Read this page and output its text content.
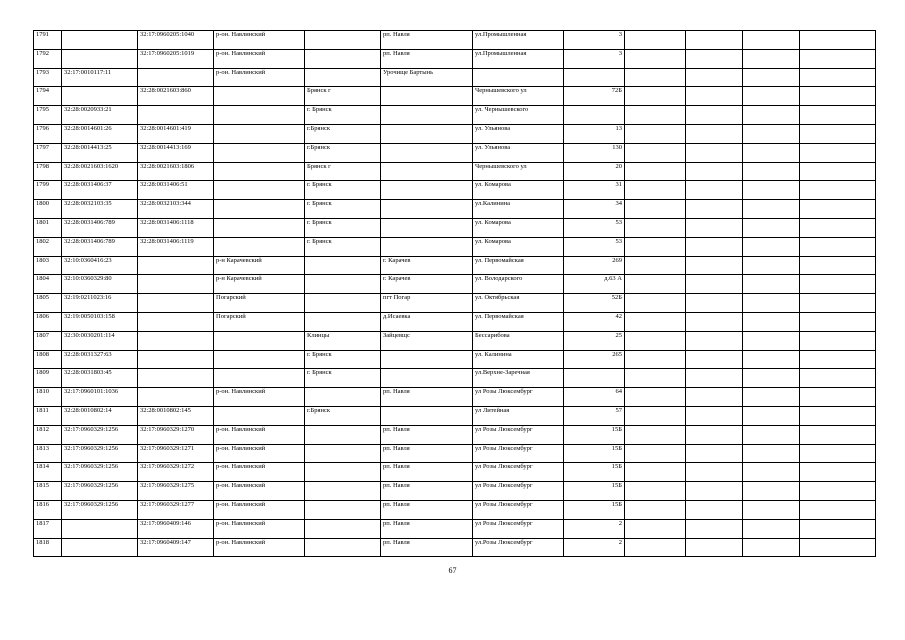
1791		32:17:0960205:1040	р-он. Навлинский		рп. Навля	ул.Промышленная	3				
1792		32:17:0960205:1019	р-он. Навлинский		рп. Навля	ул.Промышленная	3				
1793	32:17:0010117:11		р-он. Навлинский		Урочище Бартынь						
1794		32:28:0021603:860		Брянск г		Чернышевского ул	72Б				
1795	32:28:0020933:21			г. Брянск		ул. Чернышевского					
1796	32:28:0014601:26	32:28:0014601:419		г.Брянск		ул. Ульянова	13				
1797	32:28:0014413:25	32:28:0014413:169		г.Брянск		ул. Ульянова	130				
1798	32:28:0021603:1620	32:28:0021603:1806		Брянск г		Чернышевского ул	20				
1799	32:28:0031406:37	32:28:0031406:51		г. Брянск		ул. Комарова	31				
1800	32:28:0032103:35	32:28:0032103:344		г. Брянск		ул.Калинина	34				
1801	32:28:0031406:789	32:28:0031406:1118		г. Брянск		ул. Комарова	53				
1802	32:28:0031406:789	32:28:0031406:1119		г. Брянск		ул. Комарова	53				
1803	32:10:0360416:23		р-н Карачевский		г. Карачев	ул. Первомайская	269				
1804	32:10:0360329:80		р-н Карачевский		г. Карачев	ул. Володарского	д.63 А				
1805	32:19:0211023:16		Погарский		пгт Погар	ул. Октябрьская	52Б				
1806	32:19:0050103:158		Погарский		д.Исаевка	ул. Первомайская	42				
1807	32:30:0030201:114			Клинцы	Зайцевщс	Бессарибова	25				
1808	32:28:0031327:63			г. Брянск		ул. Калинина	265				
1809	32:28:0031803:45			г. Брянск		ул.Верхне-Заречная					
1810	32:17:0960101:1036		р-он. Навлинский		рп. Навля	ул Розы Люксембург	64				
1811	32:28:0010802:14	32:28:0010802:145		г.Брянск		ул Литейная	57				
1812	32:17:0960329:1256	32:17:0960329:1270	р-он. Навлинский		рп. Навля	ул Розы Люксембург	15Б				
1813	32:17:0960329:1256	32:17:0960329:1271	р-он. Навлинский		рп. Навля	ул Розы Люксембург	15Б				
1814	32:17:0960329:1256	32:17:0960329:1272	р-он. Навлинский		рп. Навля	ул Розы Люксембург	15Б				
1815	32:17:0960329:1256	32:17:0960329:1275	р-он. Навлинский		рп. Навля	ул Розы Люксембург	15Б				
1816	32:17:0960329:1256	32:17:0960329:1277	р-он. Навлинский		рп. Навля	ул Розы Люксембург	15Б				
1817		32:17:0960409:146	р-он. Навлинский		рп. Навля	ул Розы Люксембург	2				
1818		32:17:0960409:147	р-он. Навлинский		рп. Навля	ул.Розы Люксембург	2				
67
